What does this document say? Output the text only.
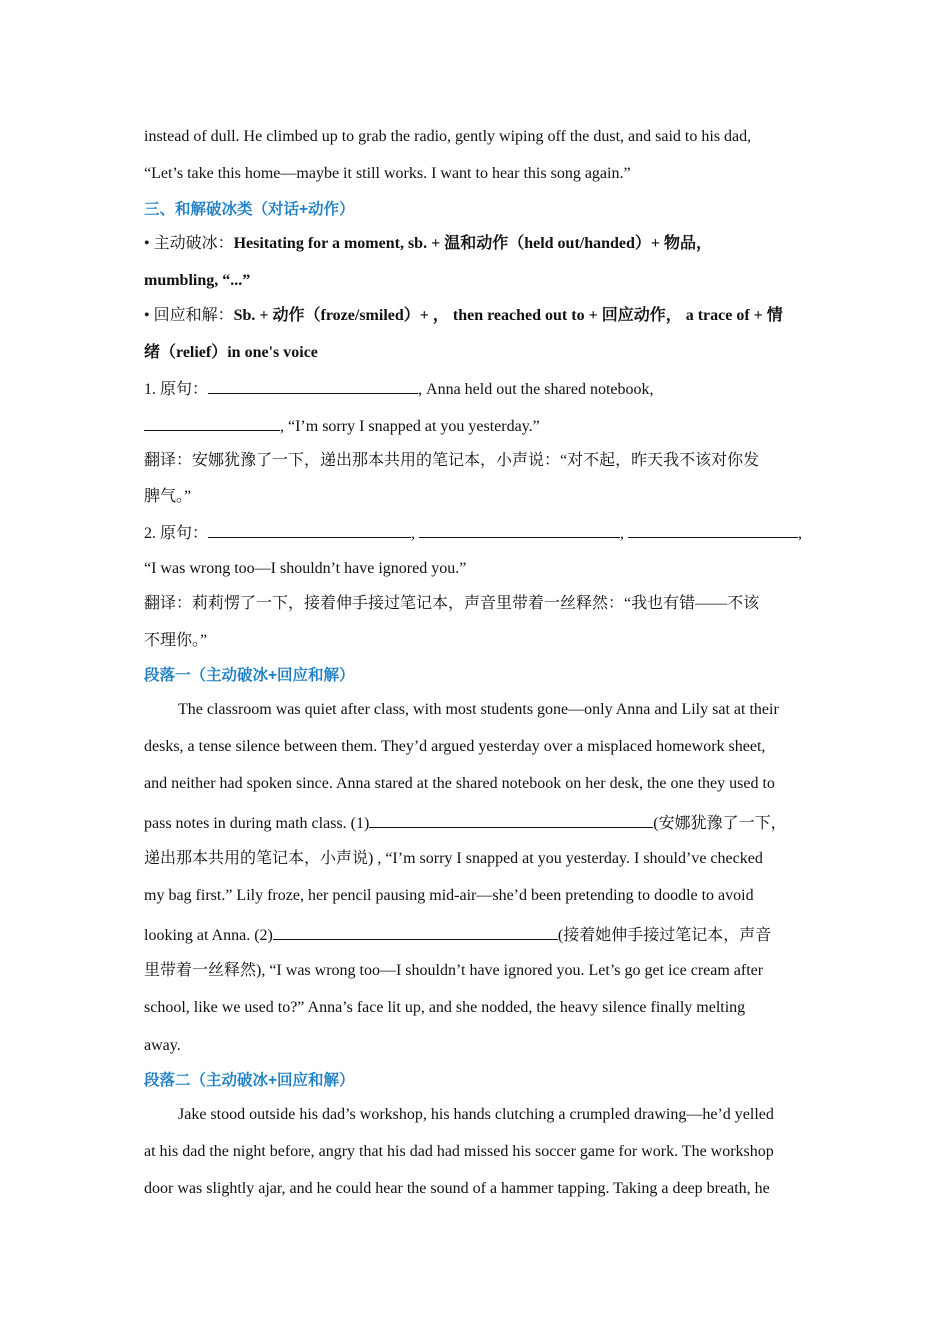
instead of dull. He climbed up to grab the radio, gently wiping off the dust, and said to his dad,
“Let’s take this home—maybe it still works. I want to hear this song again.”
三、和解破冰类（对话+动作）
• 主动破冰：Hesitating for a moment, sb. + 温和动作（held out/handed）+ 物品，
mumbling, “...”
• 回应和解：Sb. + 动作（froze/smiled）+ ， then reached out to + 回应动作， a trace of + 情
绪（relief）in one's voice
1. 原句：	, Anna held out the shared notebook,
, “I’m sorry I snapped at you yesterday.”
翻译：安娜犹豫了一下，递出那本共用的笔记本，小声说：“对不起，昨天我不该对你发
脾气。”
2. 原句：	,	,	,
“I was wrong too—I shouldn’t have ignored you.”
翻译：莉莉愣了一下，接着伸手接过笔记本，声音里带着一丝释然：“我也有错——不该
不理你。”
段落一（主动破冰+回应和解）
The classroom was quiet after class, with most students gone—only Anna and Lily sat at their
desks, a tense silence between them. They’d argued yesterday over a misplaced homework sheet,
and neither had spoken since. Anna stared at the shared notebook on her desk, the one they used to
pass notes in during math class. (1)	(安娜犹豫了一下，
递出那本共用的笔记本，小声说) , “I’m sorry I snapped at you yesterday. I should’ve checked
my bag first.” Lily froze, her pencil pausing mid-air—she’d been pretending to doodle to avoid
looking at Anna. (2)	(接着她伸手接过笔记本，声音
里带着一丝释然), “I was wrong too—I shouldn’t have ignored you. Let’s go get ice cream after
school, like we used to?” Anna’s face lit up, and she nodded, the heavy silence finally melting
away.
段落二（主动破冰+回应和解）
Jake stood outside his dad’s workshop, his hands clutching a crumpled drawing—he’d yelled
at his dad the night before, angry that his dad had missed his soccer game for work. The workshop
door was slightly ajar, and he could hear the sound of a hammer tapping. Taking a deep breath, he
